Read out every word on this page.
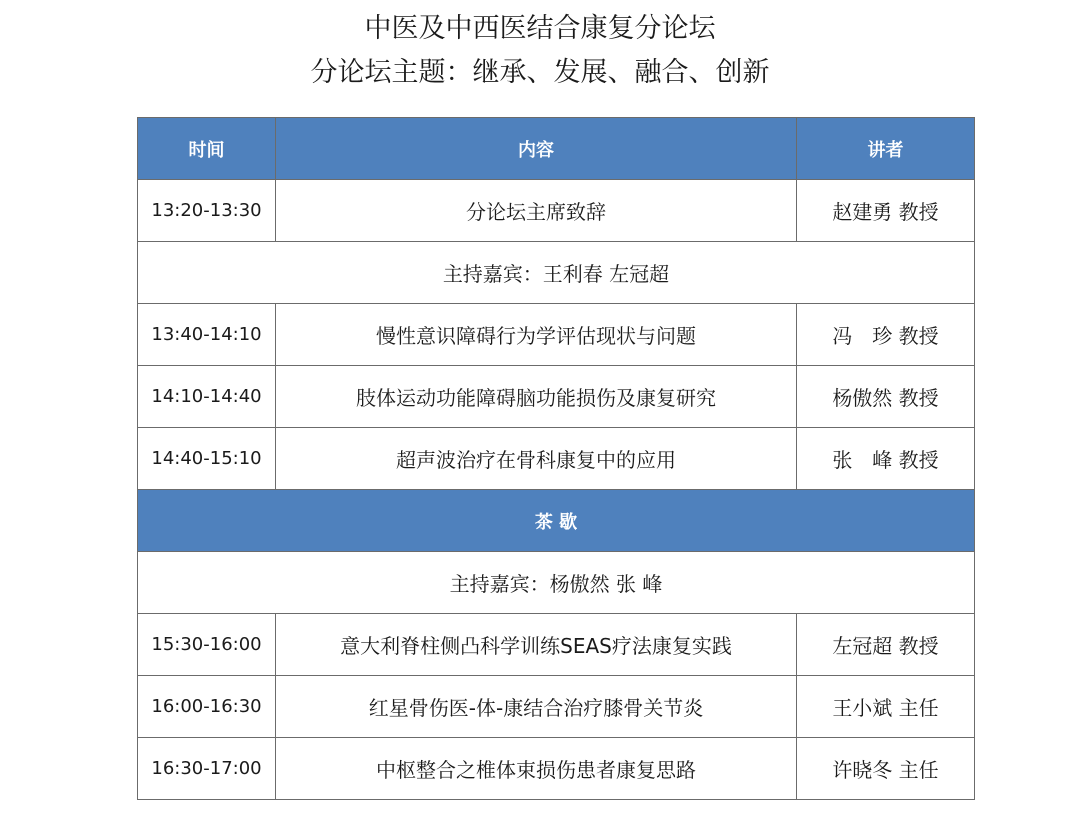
中医及中西医结合康复分论坛
分论坛主题：继承、发展、融合、创新
时间	内容	讲者
13:20-13:30	分论坛主席致辞	赵建勇 教授
主持嘉宾：王利春 左冠超		
13:40-14:10	慢性意识障碍行为学评估现状与问题	冯　珍 教授
14:10-14:40	肢体运动功能障碍脑功能损伤及康复研究	杨傲然 教授
14:40-15:10	超声波治疗在骨科康复中的应用	张　峰 教授
茶 歇		
主持嘉宾：杨傲然 张 峰		
15:30-16:00	意大利脊柱侧凸科学训练SEAS疗法康复实践	左冠超 教授
16:00-16:30	红星骨伤医-体-康结合治疗膝骨关节炎	王小斌 主任
16:30-17:00	中枢整合之椎体束损伤患者康复思路	许晓冬 主任
